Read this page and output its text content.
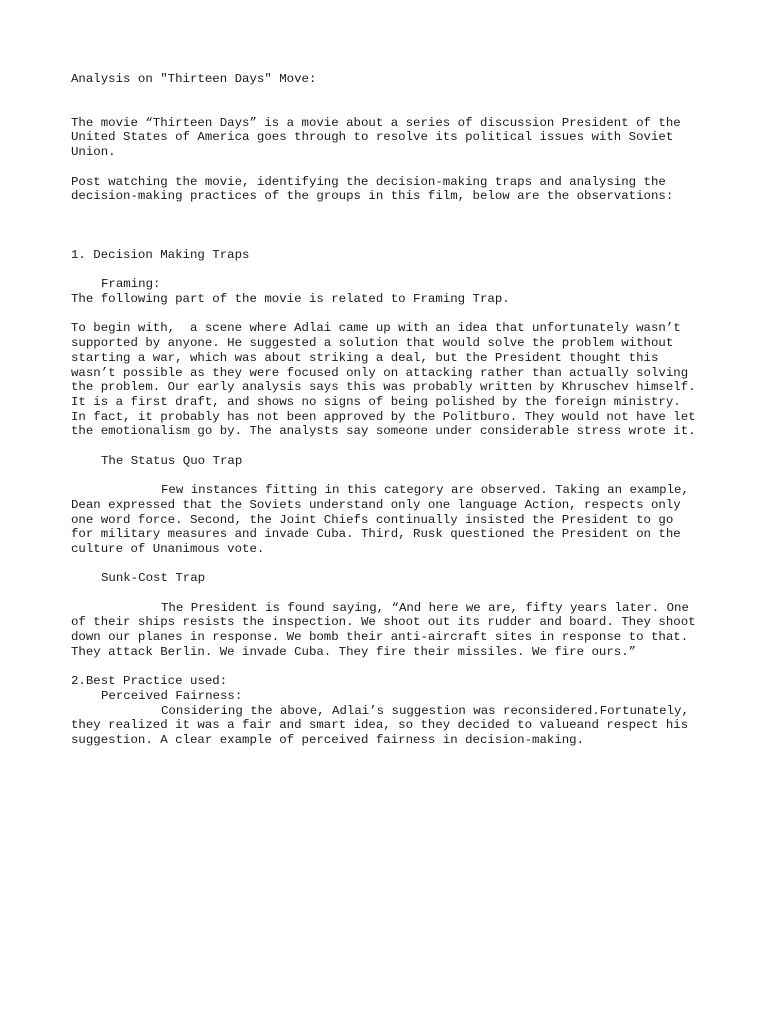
Analysis on "Thirteen Days" Move:

The movie “Thirteen Days” is a movie about a series of discussion President of the United States of America goes through to resolve its political issues with Soviet Union.

Post watching the movie, identifying the decision-making traps and analysing the decision-making practices of the groups in this film, below are the observations:

1. Decision Making Traps

Framing:

The following part of the movie is related to Framing Trap.

To begin with,  a scene where Adlai came up with an idea that unfortunately wasn’t supported by anyone. He suggested a solution that would solve the problem without starting a war, which was about striking a deal, but the President thought this wasn’t possible as they were focused only on attacking rather than actually solving the problem. Our early analysis says this was probably written by Khruschev himself. It is a first draft, and shows no signs of being polished by the foreign ministry. In fact, it probably has not been approved by the Politburo. They would not have let the emotionalism go by. The analysts say someone under considerable stress wrote it.

The Status Quo Trap

Few instances fitting in this category are observed. Taking an example, Dean expressed that the Soviets understand only one language Action, respects only one word force. Second, the Joint Chiefs continually insisted the President to go for military measures and invade Cuba. Third, Rusk questioned the President on the culture of Unanimous vote.

Sunk-Cost Trap

The President is found saying, “And here we are, fifty years later. One of their ships resists the inspection. We shoot out its rudder and board. They shoot down our planes in response. We bomb their anti-aircraft sites in response to that. They attack Berlin. We invade Cuba. They fire their missiles. We fire ours.”

2.Best Practice used:

Perceived Fairness:

Considering the above, Adlai’s suggestion was reconsidered.Fortunately, they realized it was a fair and smart idea, so they decided to valueand respect his suggestion. A clear example of perceived fairness in decision-making.
